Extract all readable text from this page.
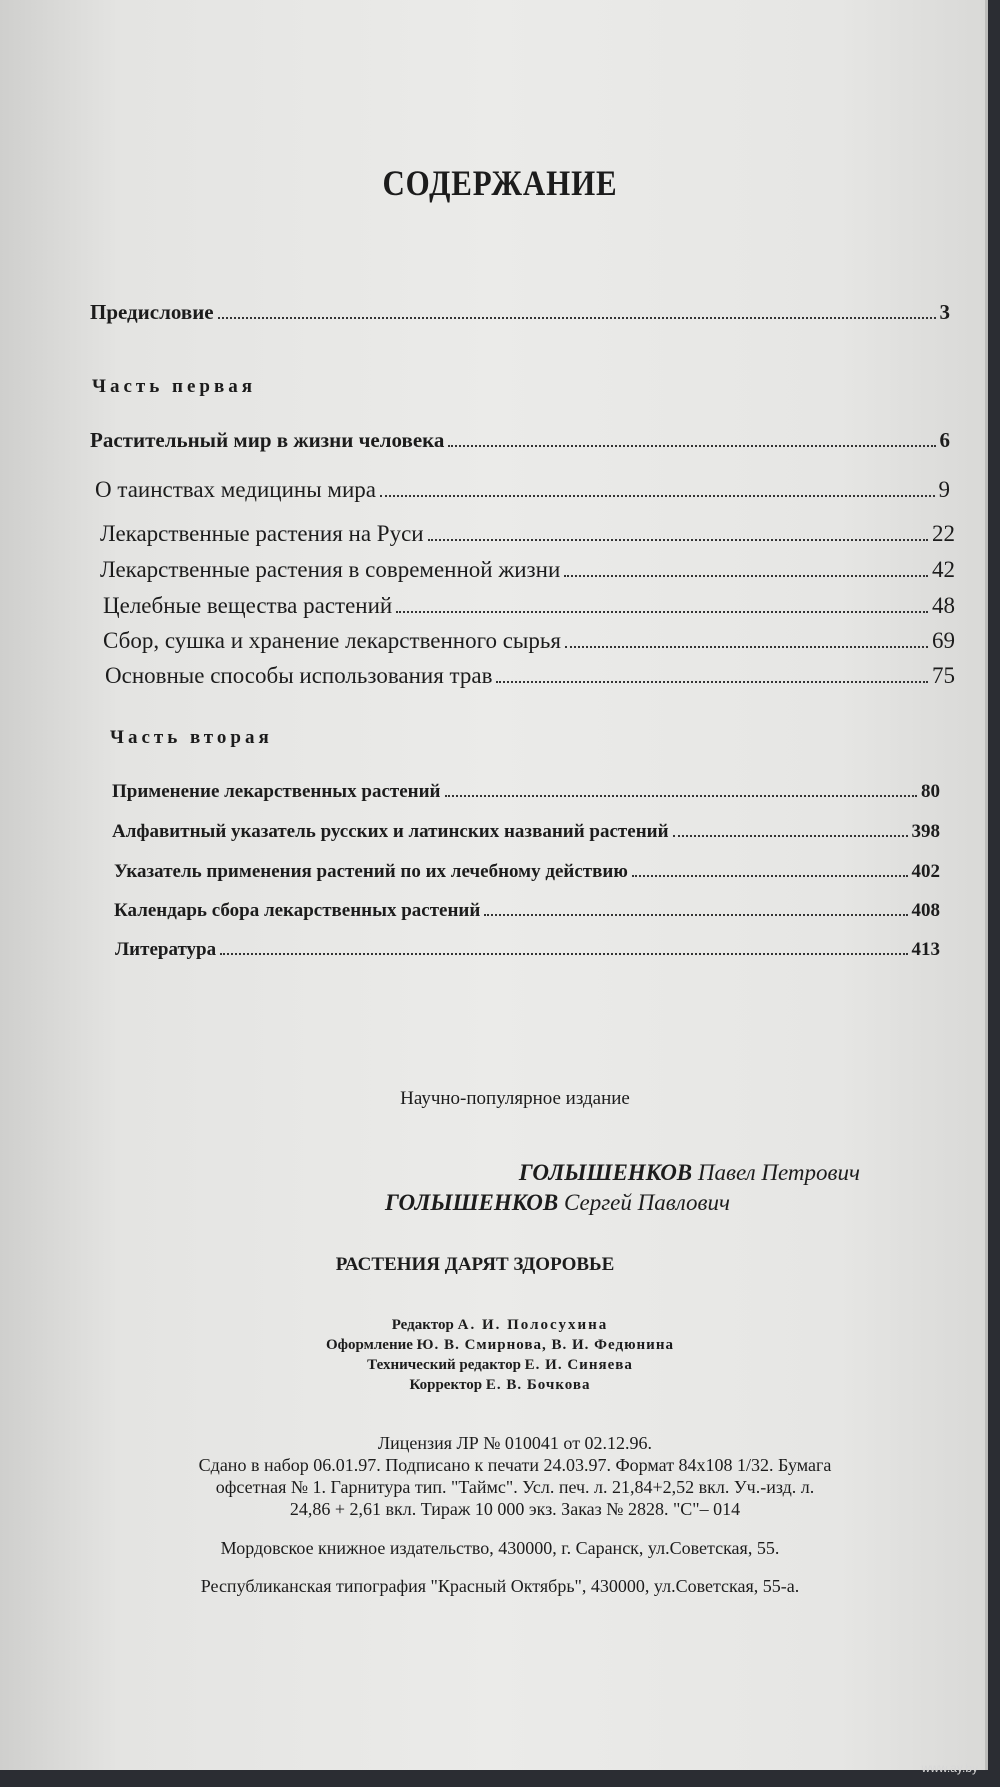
СОДЕРЖАНИЕ
Предисловие	3
Часть первая
Растительный мир в жизни человека	6
О таинствах медицины мира	9
Лекарственные растения на Руси	22
Лекарственные растения в современной жизни	42
Целебные вещества растений	48
Сбор, сушка и хранение лекарственного сырья	69
Основные способы использования трав	75
Часть вторая
Применение лекарственных растений	80
Алфавитный указатель русских и латинских названий растений	398
Указатель применения растений по их лечебному действию	402
Календарь сбора лекарственных растений	408
Литература	413
Научно-популярное издание
ГОЛЫШЕНКОВ Павел Петрович
ГОЛЫШЕНКОВ Сергей Павлович
РАСТЕНИЯ ДАРЯТ ЗДОРОВЬЕ
Редактор А. И. Полосухина
Оформление Ю. В. Смирнова, В. И. Федюнина
Технический редактор Е. И. Синяева
Корректор Е. В. Бочкова
Лицензия ЛР № 010041 от 02.12.96.
Сдано в набор 06.01.97. Подписано к печати 24.03.97. Формат 84х108 1/32. Бумага
офсетная № 1. Гарнитура тип. "Таймс". Усл. печ. л. 21,84+2,52 вкл. Уч.-изд. л.
24,86 + 2,61 вкл. Тираж 10 000 экз. Заказ № 2828. "С"– 014
Мордовское книжное издательство, 430000, г. Саранск, ул.Советская, 55.
Республиканская типография "Красный Октябрь", 430000, ул.Советская, 55-а.
www.ay.by
